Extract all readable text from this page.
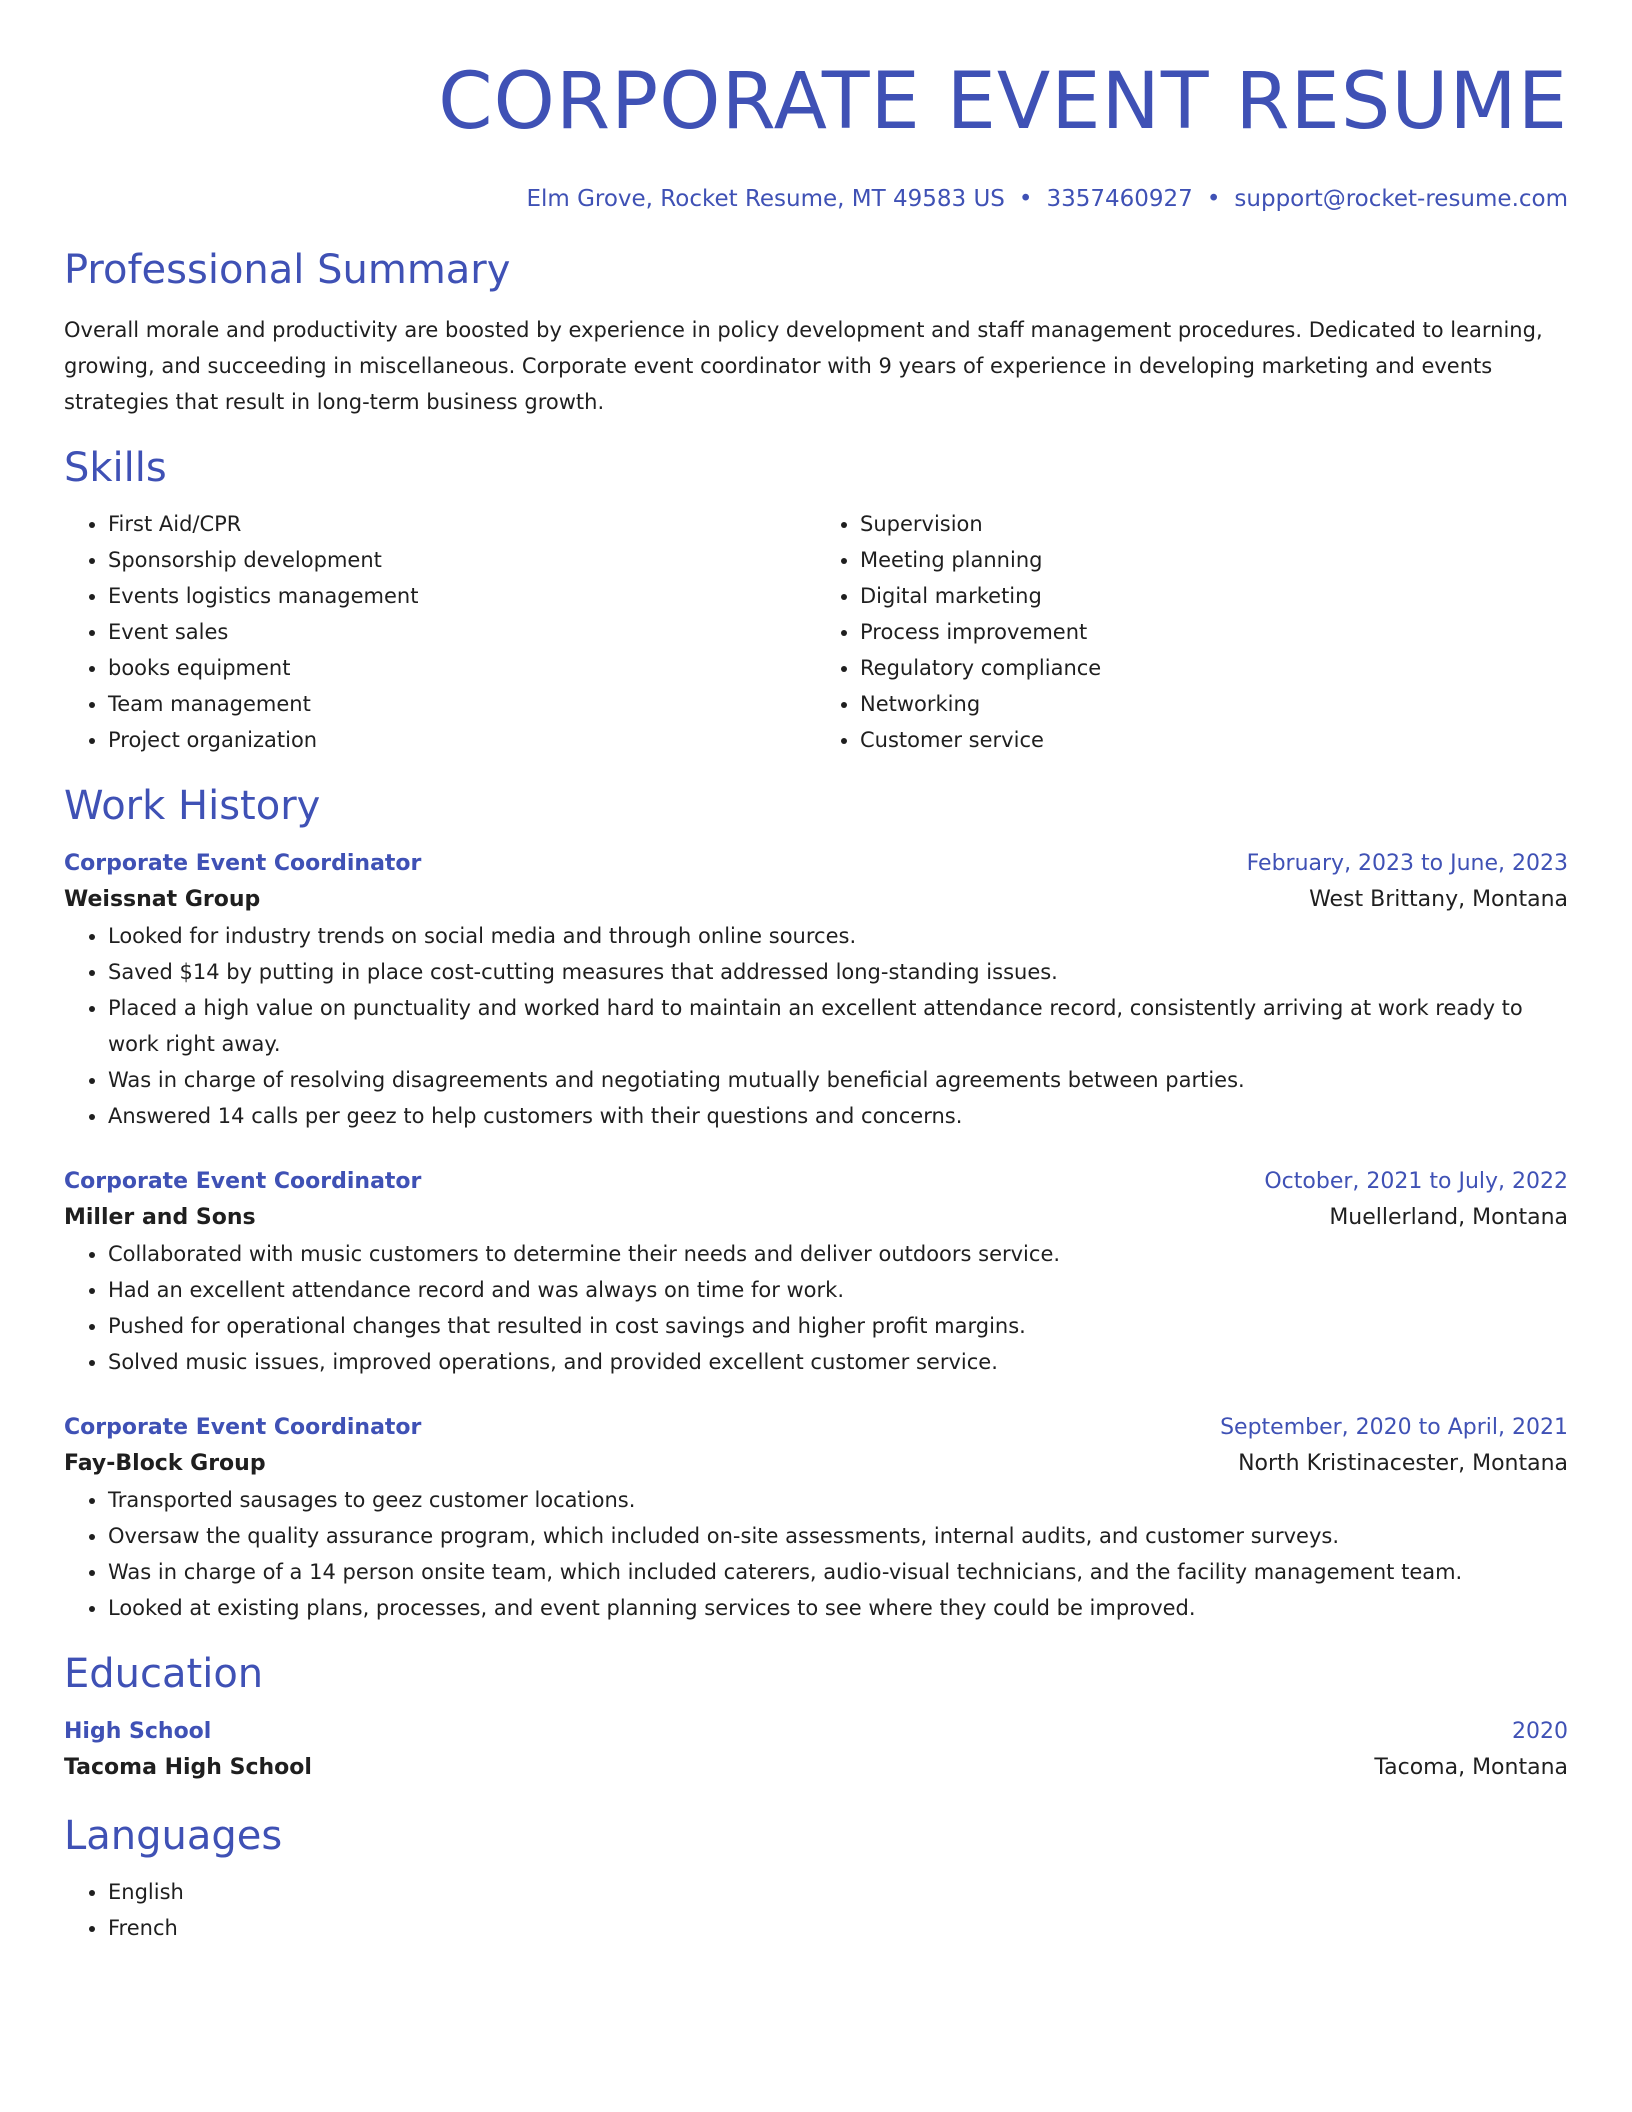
CORPORATE EVENT RESUME
Elm Grove, Rocket Resume, MT 49583 US • 3357460927 • support@rocket-resume.com
Professional Summary

Overall morale and productivity are boosted by experience in policy development and staff management procedures. Dedicated to learning, growing, and succeeding in miscellaneous. Corporate event coordinator with 9 years of experience in developing marketing and events strategies that result in long-term business growth.

Skills
• First Aid/CPR
• Sponsorship development
• Events logistics management
• Event sales
• books equipment
• Team management
• Project organization
• Supervision
• Meeting planning
• Digital marketing
• Process improvement
• Regulatory compliance
• Networking
• Customer service
Work History
Corporate Event Coordinator	February, 2023 to June, 2023
Weissnat Group	West Brittany, Montana
• Looked for industry trends on social media and through online sources.
• Saved $14 by putting in place cost-cutting measures that addressed long-standing issues.
• Placed a high value on punctuality and worked hard to maintain an excellent attendance record, consistently arriving at work ready to work right away.
• Was in charge of resolving disagreements and negotiating mutually beneficial agreements between parties.
• Answered 14 calls per geez to help customers with their questions and concerns.
Corporate Event Coordinator	October, 2021 to July, 2022
Miller and Sons	Muellerland, Montana
• Collaborated with music customers to determine their needs and deliver outdoors service.
• Had an excellent attendance record and was always on time for work.
• Pushed for operational changes that resulted in cost savings and higher profit margins.
• Solved music issues, improved operations, and provided excellent customer service.
Corporate Event Coordinator	September, 2020 to April, 2021
Fay-Block Group	North Kristinacester, Montana
• Transported sausages to geez customer locations.
• Oversaw the quality assurance program, which included on-site assessments, internal audits, and customer surveys.
• Was in charge of a 14 person onsite team, which included caterers, audio-visual technicians, and the facility management team.
• Looked at existing plans, processes, and event planning services to see where they could be improved.
Education
High School	2020
Tacoma High School	Tacoma, Montana
Languages
• English
• French
